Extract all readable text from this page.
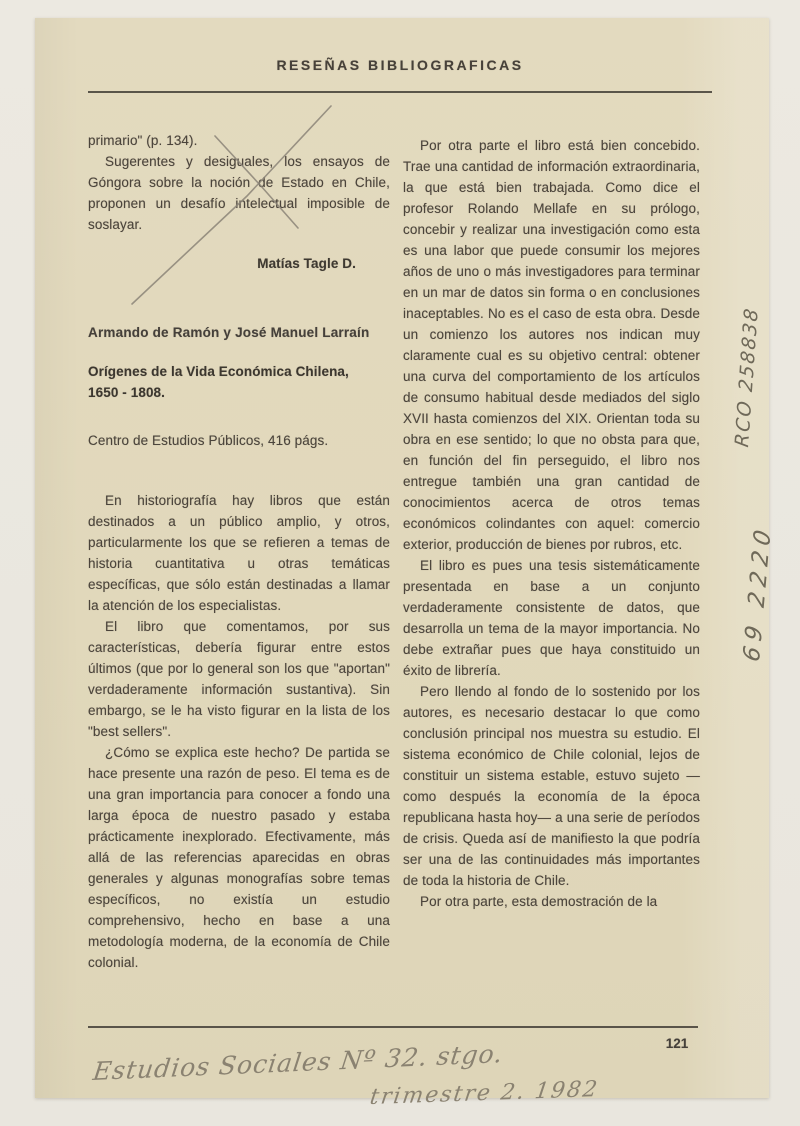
RESEÑAS BIBLIOGRAFICAS

primario" (p. 134).

Sugerentes y desiguales, los ensayos de Góngora sobre la noción de Estado en Chile, proponen un desafío intelectual imposible de soslayar.

Matías Tagle D.

Armando de Ramón y José Manuel Larraín

Orígenes de la Vida Económica Chilena, 1650 - 1808.

Centro de Estudios Públicos, 416 págs.

En historiografía hay libros que están destinados a un público amplio, y otros, particularmente los que se refieren a temas de historia cuantitativa u otras temáticas específicas, que sólo están destinadas a llamar la atención de los especialistas.

El libro que comentamos, por sus características, debería figurar entre estos últimos (que por lo general son los que "aportan" verdaderamente información sustantiva). Sin embargo, se le ha visto figurar en la lista de los "best sellers".

¿Cómo se explica este hecho? De partida se hace presente una razón de peso. El tema es de una gran importancia para conocer a fondo una larga época de nuestro pasado y estaba prácticamente inexplorado. Efectivamente, más allá de las referencias aparecidas en obras generales y algunas monografías sobre temas específicos, no existía un estudio comprehensivo, hecho en base a una metodología moderna, de la economía de Chile colonial.

Por otra parte el libro está bien concebido. Trae una cantidad de información extraordinaria, la que está bien trabajada. Como dice el profesor Rolando Mellafe en su prólogo, concebir y realizar una investigación como esta es una labor que puede consumir los mejores años de uno o más investigadores para terminar en un mar de datos sin forma o en conclusiones inaceptables. No es el caso de esta obra. Desde un comienzo los autores nos indican muy claramente cual es su objetivo central: obtener una curva del comportamiento de los artículos de consumo habitual desde mediados del siglo XVII hasta comienzos del XIX. Orientan toda su obra en ese sentido; lo que no obsta para que, en función del fin perseguido, el libro nos entregue también una gran cantidad de conocimientos acerca de otros temas económicos colindantes con aquel: comercio exterior, producción de bienes por rubros, etc.

El libro es pues una tesis sistemáticamente presentada en base a un conjunto verdaderamente consistente de datos, que desarrolla un tema de la mayor importancia. No debe extrañar pues que haya constituido un éxito de librería.

Pero llendo al fondo de lo sostenido por los autores, es necesario destacar lo que como conclusión principal nos muestra su estudio. El sistema económico de Chile colonial, lejos de constituir un sistema estable, estuvo sujeto —como después la economía de la época republicana hasta hoy— a una serie de períodos de crisis. Queda así de manifiesto la que podría ser una de las continuidades más importantes de toda la historia de Chile.

Por otra parte, esta demostración de la

RCO 258838
69 2220
121
Estudios Sociales Nº 32. stgo.
trimestre 2. 1982
